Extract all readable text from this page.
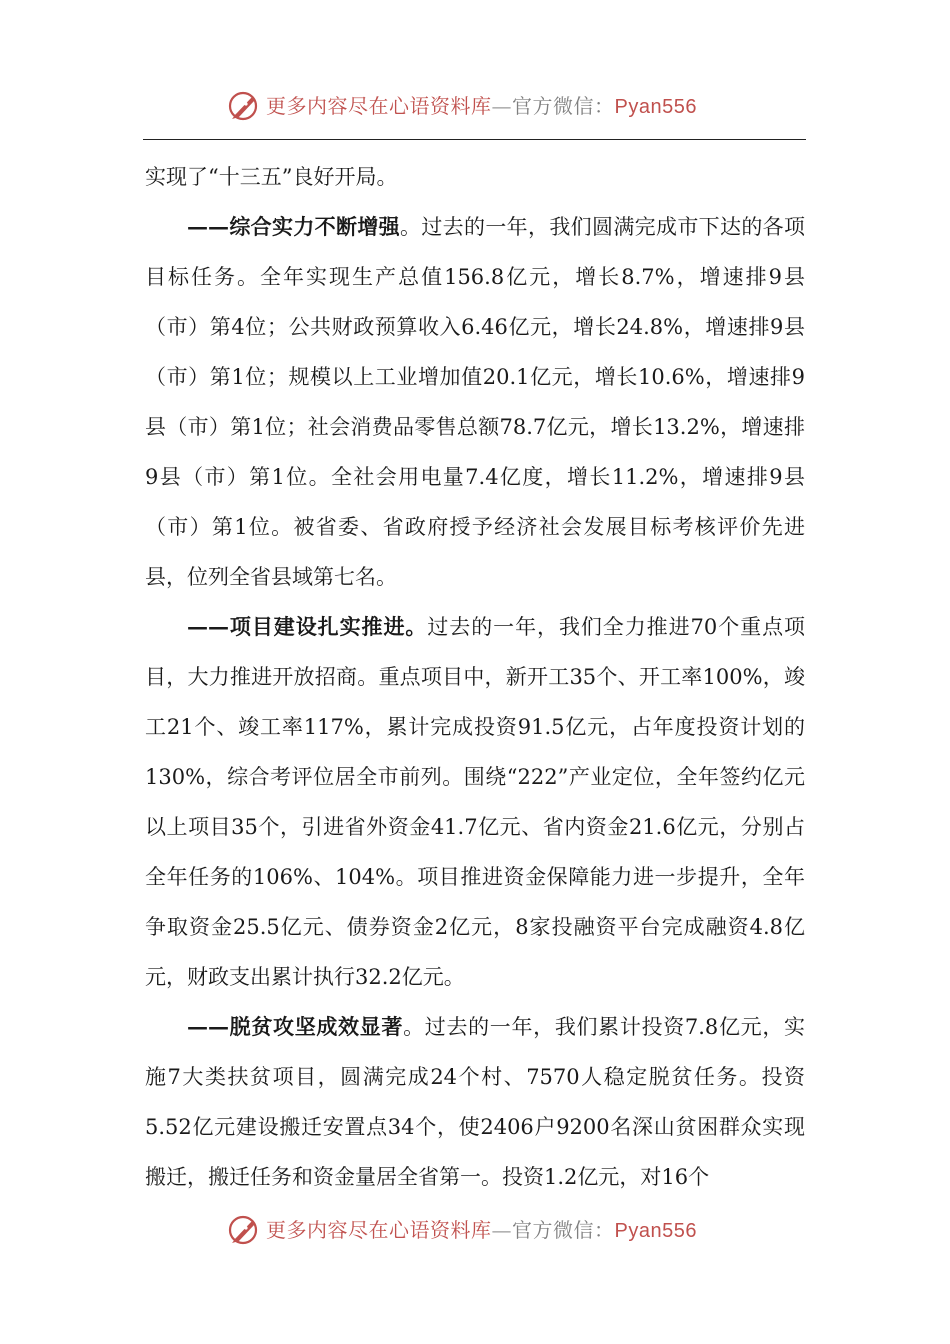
更多内容尽在心语资料库—官方微信：Pyan556

实现了“十三五”良好开局。

——综合实力不断增强。过去的一年，我们圆满完成市下达的各项目标任务。全年实现生产总值156.8亿元，增长8.7%，增速排9县（市）第4位；公共财政预算收入6.46亿元，增长24.8%，增速排9县（市）第1位；规模以上工业增加值20.1亿元，增长10.6%，增速排9县（市）第1位；社会消费品零售总额78.7亿元，增长13.2%，增速排9县（市）第1位。全社会用电量7.4亿度，增长11.2%，增速排9县（市）第1位。被省委、省政府授予经济社会发展目标考核评价先进县，位列全省县域第七名。

——项目建设扎实推进。过去的一年，我们全力推进70个重点项目，大力推进开放招商。重点项目中，新开工35个、开工率100%，竣工21个、竣工率117%，累计完成投资91.5亿元，占年度投资计划的130%，综合考评位居全市前列。围绕“222”产业定位，全年签约亿元以上项目35个，引进省外资金41.7亿元、省内资金21.6亿元，分别占全年任务的106%、104%。项目推进资金保障能力进一步提升，全年争取资金25.5亿元、债券资金2亿元，8家投融资平台完成融资4.8亿元，财政支出累计执行32.2亿元。

——脱贫攻坚成效显著。过去的一年，我们累计投资7.8亿元，实施7大类扶贫项目，圆满完成24个村、7570人稳定脱贫任务。投资5.52亿元建设搬迁安置点34个，使2406户9200名深山贫困群众实现搬迁，搬迁任务和资金量居全省第一。投资1.2亿元，对16个

更多内容尽在心语资料库—官方微信：Pyan556
